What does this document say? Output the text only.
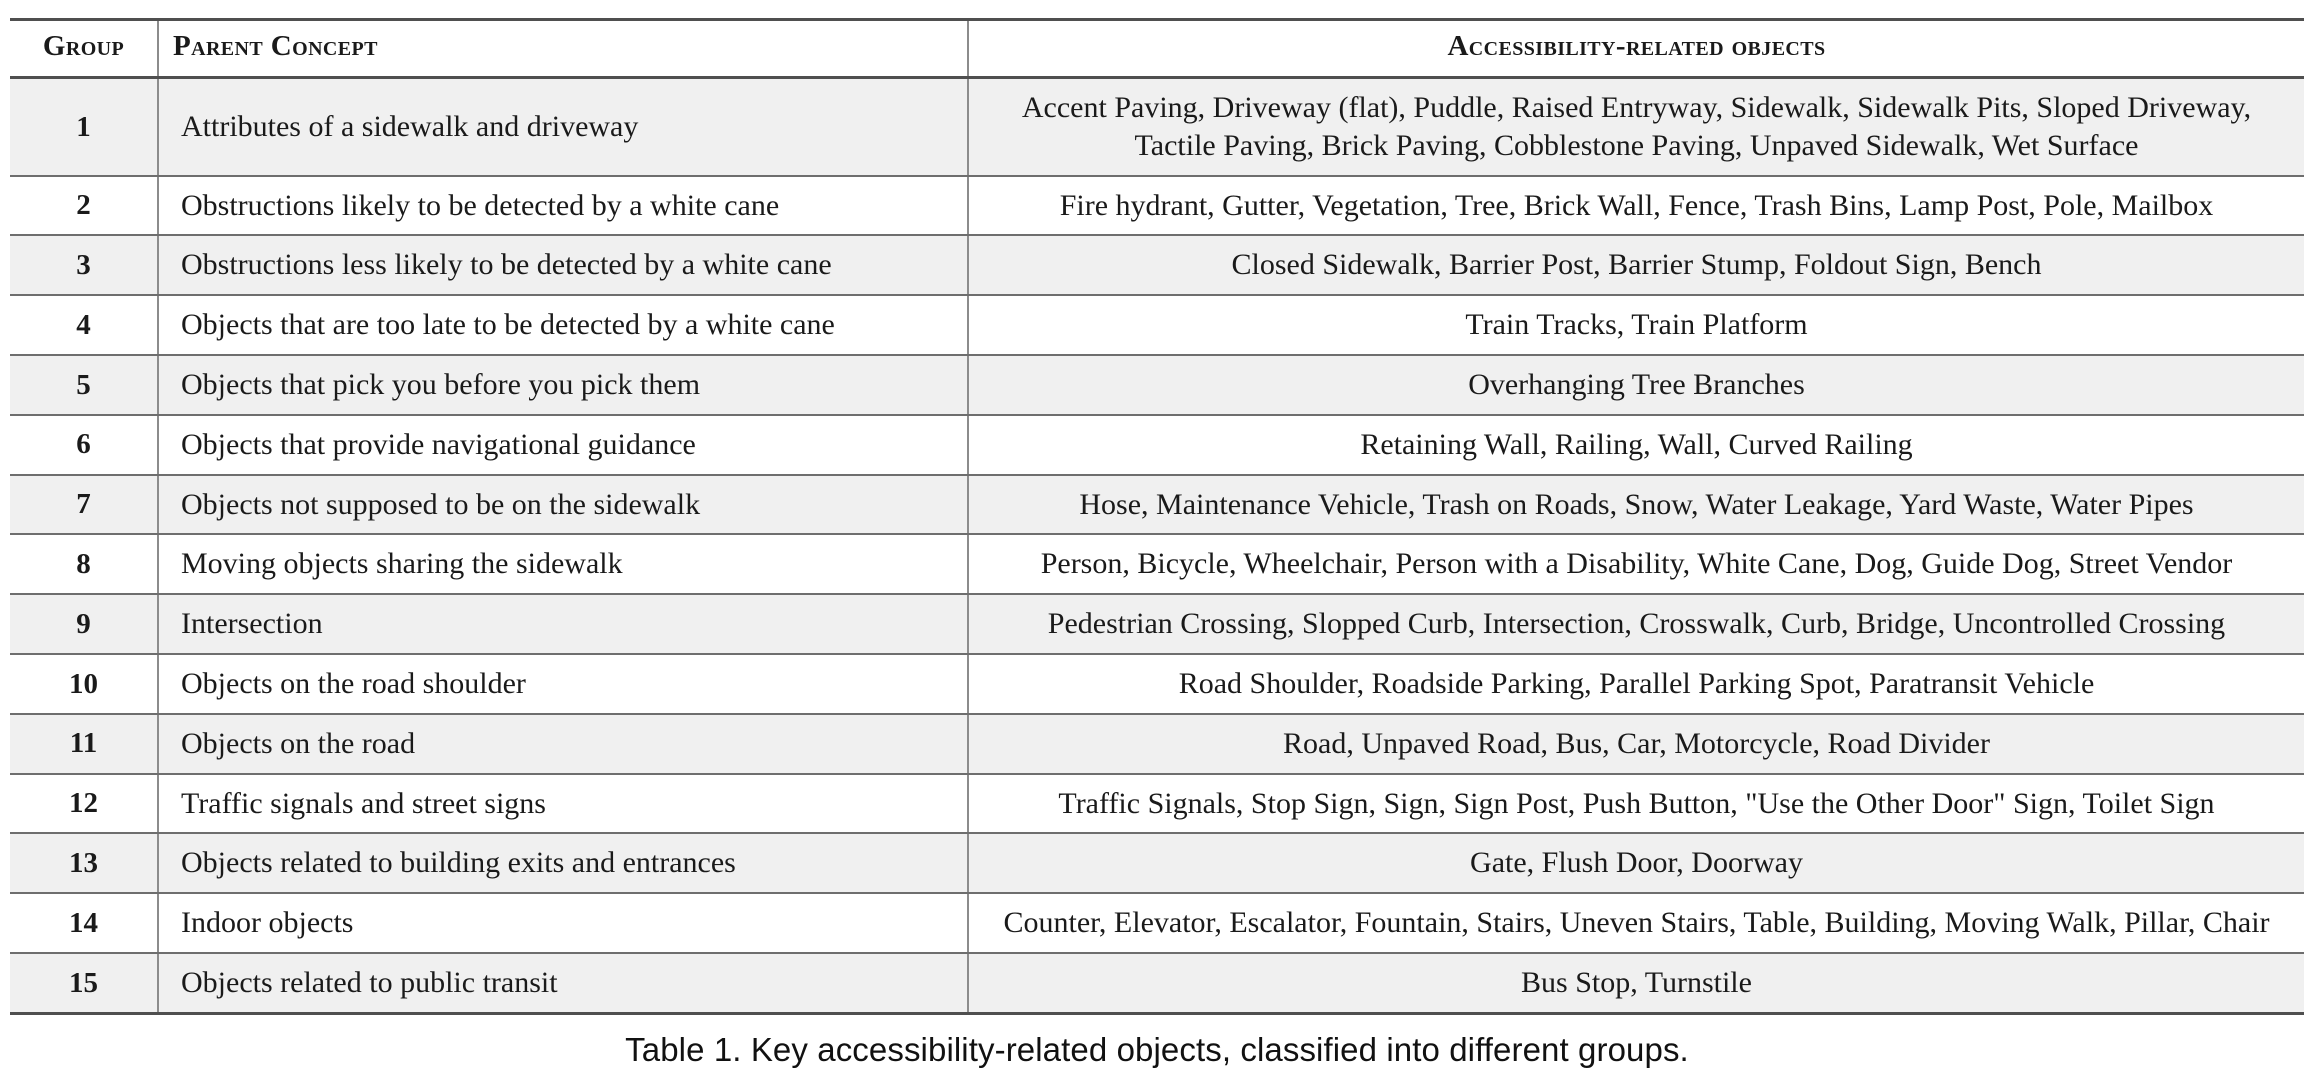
Group	Parent Concept	Accessibility-related objects
1	Attributes of a sidewalk and driveway	Accent Paving, Driveway (flat), Puddle, Raised Entryway, Sidewalk, Sidewalk Pits, Sloped Driveway, Tactile Paving, Brick Paving, Cobblestone Paving, Unpaved Sidewalk, Wet Surface
2	Obstructions likely to be detected by a white cane	Fire hydrant, Gutter, Vegetation, Tree, Brick Wall, Fence, Trash Bins, Lamp Post, Pole, Mailbox
3	Obstructions less likely to be detected by a white cane	Closed Sidewalk, Barrier Post, Barrier Stump, Foldout Sign, Bench
4	Objects that are too late to be detected by a white cane	Train Tracks, Train Platform
5	Objects that pick you before you pick them	Overhanging Tree Branches
6	Objects that provide navigational guidance	Retaining Wall, Railing, Wall, Curved Railing
7	Objects not supposed to be on the sidewalk	Hose, Maintenance Vehicle, Trash on Roads, Snow, Water Leakage, Yard Waste, Water Pipes
8	Moving objects sharing the sidewalk	Person, Bicycle, Wheelchair, Person with a Disability, White Cane, Dog, Guide Dog, Street Vendor
9	Intersection	Pedestrian Crossing, Slopped Curb, Intersection, Crosswalk, Curb, Bridge, Uncontrolled Crossing
10	Objects on the road shoulder	Road Shoulder, Roadside Parking, Parallel Parking Spot, Paratransit Vehicle
11	Objects on the road	Road, Unpaved Road, Bus, Car, Motorcycle, Road Divider
12	Traffic signals and street signs	Traffic Signals, Stop Sign, Sign, Sign Post, Push Button, "Use the Other Door" Sign, Toilet Sign
13	Objects related to building exits and entrances	Gate, Flush Door, Doorway
14	Indoor objects	Counter, Elevator, Escalator, Fountain, Stairs, Uneven Stairs, Table, Building, Moving Walk, Pillar, Chair
15	Objects related to public transit	Bus Stop, Turnstile
Table 1. Key accessibility-related objects, classified into different groups.
